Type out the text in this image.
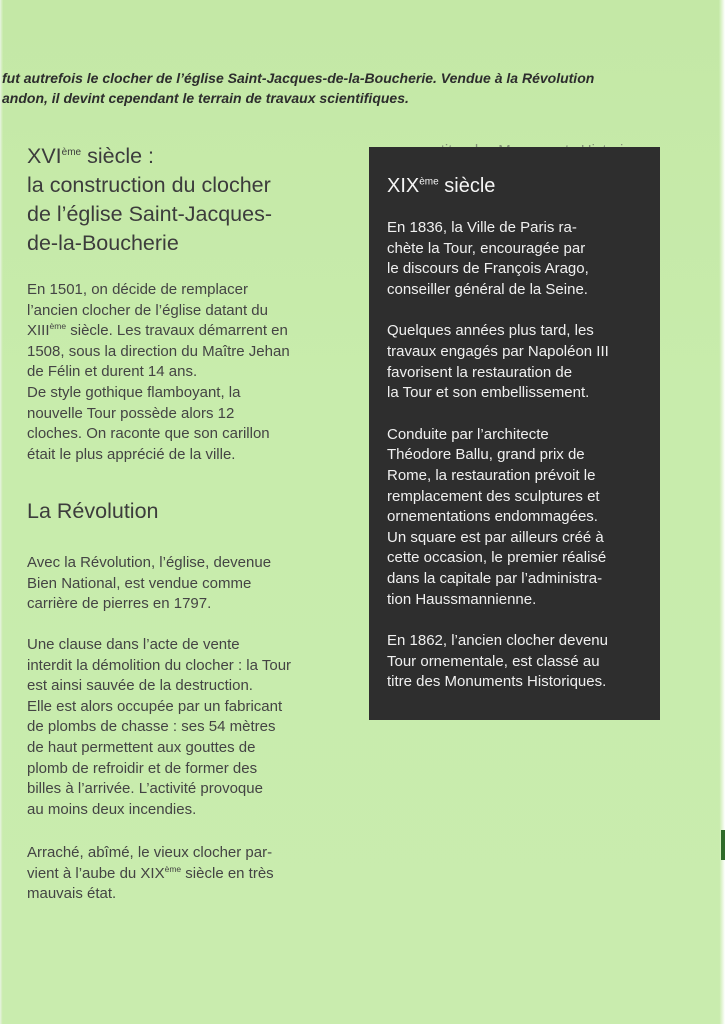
fut autrefois le clocher de l’église Saint-Jacques-de-la-Boucherie. Vendue à la Révolution
andon, il devint cependant le terrain de travaux scientifiques.
XVIème siècle :
la construction du clocher
de l’église Saint-Jacques-
de-la-Boucherie

En 1501, on décide de remplacer
l’ancien clocher de l’église datant du
XIIIème siècle. Les travaux démarrent en
1508, sous la direction du Maître Jehan
de Félin et durent 14 ans.
De style gothique flamboyant, la
nouvelle Tour possède alors 12
cloches. On raconte que son carillon
était le plus apprécié de la ville.

La Révolution

Avec la Révolution, l’église, devenue
Bien National, est vendue comme
carrière de pierres en 1797.

Une clause dans l’acte de vente
interdit la démolition du clocher : la Tour
est ainsi sauvée de la destruction.
Elle est alors occupée par un fabricant
de plombs de chasse : ses 54 mètres
de haut permettent aux gouttes de
plomb de refroidir et de former des
billes à l’arrivée. L’activité provoque
au moins deux incendies.

Arraché, abîmé, le vieux clocher par-
vient à l’aube du XIXème siècle en très
mauvais état.

XIXème siècle

En 1836, la Ville de Paris ra-
chète la Tour, encouragée par
le discours de François Arago,
conseiller général de la Seine.

Quelques années plus tard, les
travaux engagés par Napoléon III
favorisent la restauration de
la Tour et son embellissement.

Conduite par l’architecte
Théodore Ballu, grand prix de
Rome, la restauration prévoit le
remplacement des sculptures et
ornementations endommagées.
Un square est par ailleurs créé à
cette occasion, le premier réalisé
dans la capitale par l’administra-
tion Haussmannienne.

En 1862, l’ancien clocher devenu
Tour ornementale, est classé au
titre des Monuments Historiques.
